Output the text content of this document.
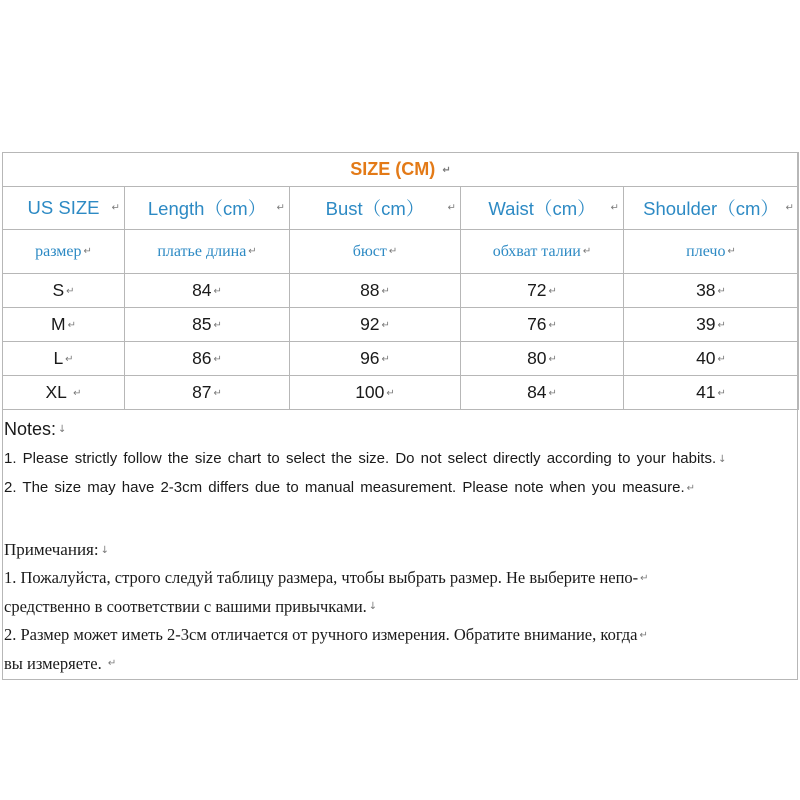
SIZE (CM) ↵				
US SIZE ↵	Length（cm） ↵	Bust（cm） ↵	Waist（cm） ↵	Shoulder（cm） ↵

размер ↵	платье длина ↵	бюст ↵	обхват талии ↵	плечо ↵
S ↵	84 ↵	88 ↵	72 ↵	38 ↵
M ↵	85 ↵	92 ↵	76 ↵	39 ↵
L ↵	86 ↵	96 ↵	80 ↵	40 ↵
XL ↵	87 ↵	100 ↵	84 ↵	41 ↵
Notes: ↓
1. Please strictly follow the size chart to select the size. Do not select directly according to your habits. ↓
2. The size may have 2-3cm differs due to manual measurement. Please note when you measure. ↵
Примечания: ↓
1. Пожалуйста, строго следуй таблицу размера, чтобы выбрать размер. Не выберите непо- ↵
средственно в соответствии с вашими привычками. ↓
2. Размер может иметь 2-3см отличается от ручного измерения. Обратите внимание, когда ↵
вы измеряете. ↵
